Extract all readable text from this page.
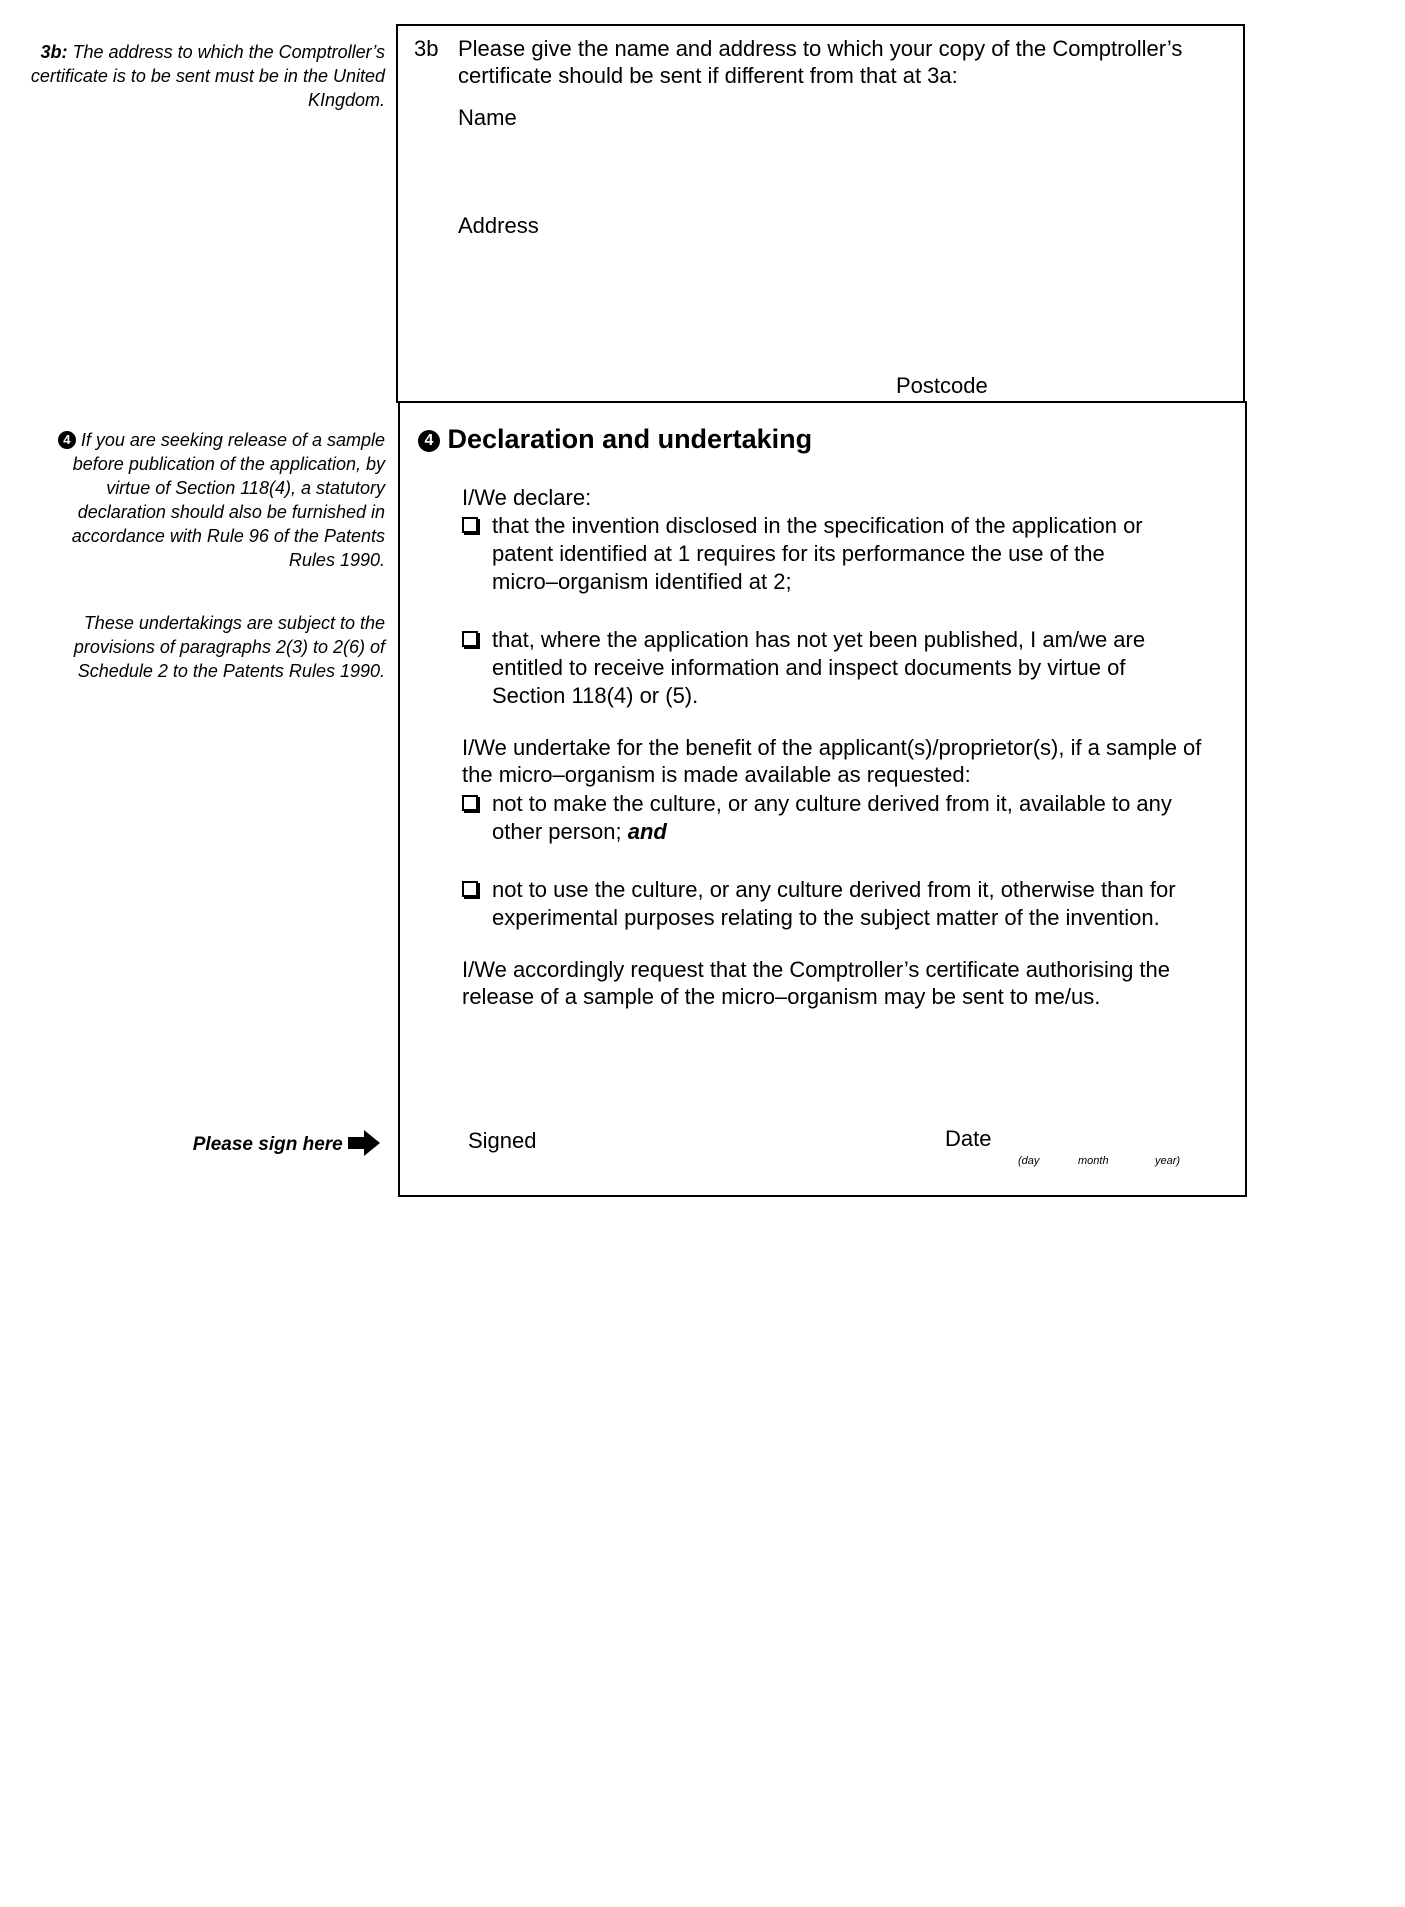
3b: The address to which the Comptroller’s certificate is to be sent must be in the United KIngdom.
4 If you are seeking release of a sample before publication of the application, by virtue of Section 118(4), a statutory declaration should also be furnished in accordance with Rule 96 of the Patents Rules 1990.
These undertakings are subject to the provisions of paragraphs 2(3) to 2(6) of Schedule 2 to the Patents Rules 1990.
Please sign here
3b Please give the name and address to which your copy of the Comptroller’s
certificate should be sent if different from that at 3a:
Name
Address
Postcode
4 Declaration and undertaking
I/We declare:
that the invention disclosed in the specification of the application or
patent identified at 1 requires for its performance the use of the
micro–organism identified at 2;
that, where the application has not yet been published, I am/we are
entitled to receive information and inspect documents by virtue of
Section 118(4) or (5).
I/We undertake for the benefit of the applicant(s)/proprietor(s), if a sample of
the micro–organism is made available as requested:
not to make the culture, or any culture derived from it, available to any
other person; and
not to use the culture, or any culture derived from it, otherwise than for
experimental purposes relating to the subject matter of the invention.
I/We accordingly request that the Comptroller’s certificate authorising the
release of a sample of the micro–organism may be sent to me/us.
Signed	Date
(day	month	year)
